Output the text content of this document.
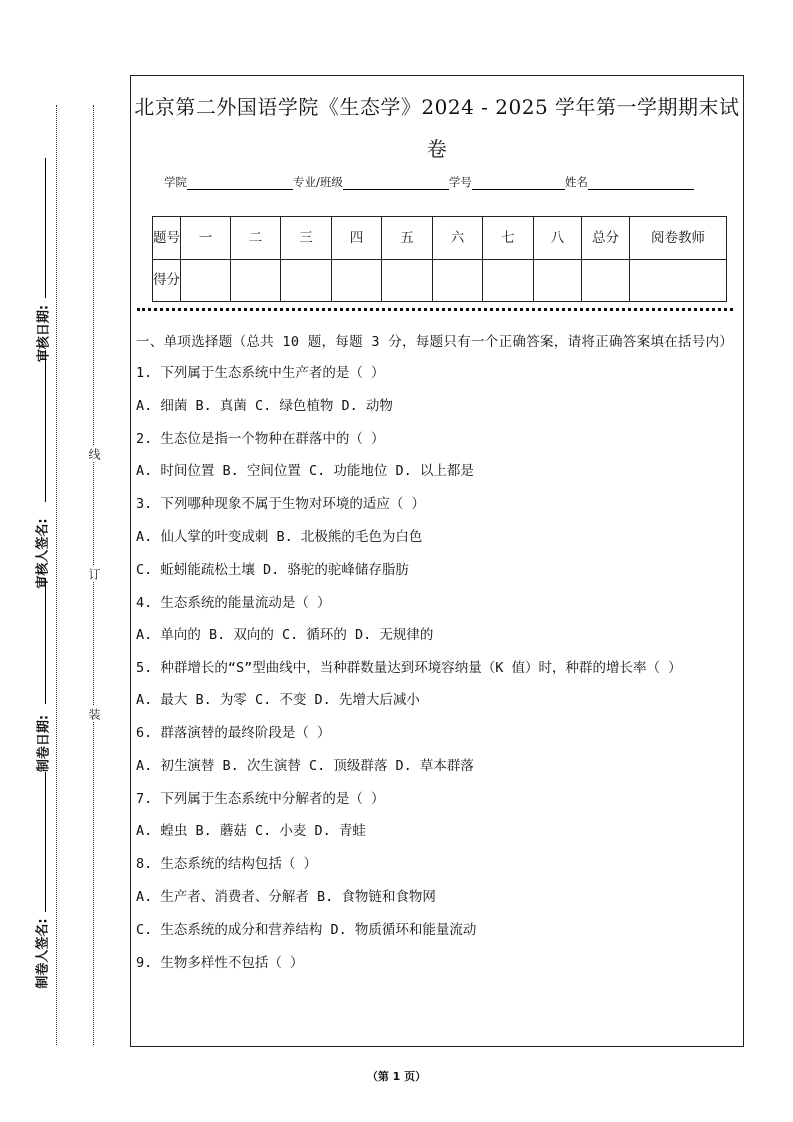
审核日期:
审核人签名:
制卷日期:
制卷人签名:
线
订
装
北京第二外国语学院《生态学》2024 - 2025 学年第一学期期末试卷
学院	专业/班级	学号	姓名
题号	一	二	三	四	五	六	七	八	总分	阅卷教师
得分										
一、单项选择题（总共 10 题，每题 3 分，每题只有一个正确答案，请将正确答案填在括号内）
1. 下列属于生态系统中生产者的是（ ）
A. 细菌 B. 真菌 C. 绿色植物 D. 动物
2. 生态位是指一个物种在群落中的（ ）
A. 时间位置 B. 空间位置 C. 功能地位 D. 以上都是
3. 下列哪种现象不属于生物对环境的适应（ ）
A. 仙人掌的叶变成刺 B. 北极熊的毛色为白色
C. 蚯蚓能疏松土壤 D. 骆驼的驼峰储存脂肪
4. 生态系统的能量流动是（ ）
A. 单向的 B. 双向的 C. 循环的 D. 无规律的
5. 种群增长的“S”型曲线中，当种群数量达到环境容纳量（K 值）时，种群的增长率（ ）
A. 最大 B. 为零 C. 不变 D. 先增大后减小
6. 群落演替的最终阶段是（ ）
A. 初生演替 B. 次生演替 C. 顶级群落 D. 草本群落
7. 下列属于生态系统中分解者的是（ ）
A. 蝗虫 B. 蘑菇 C. 小麦 D. 青蛙
8. 生态系统的结构包括（ ）
A. 生产者、消费者、分解者 B. 食物链和食物网
C. 生态系统的成分和营养结构 D. 物质循环和能量流动
9. 生物多样性不包括（ ）
（第 1 页）
